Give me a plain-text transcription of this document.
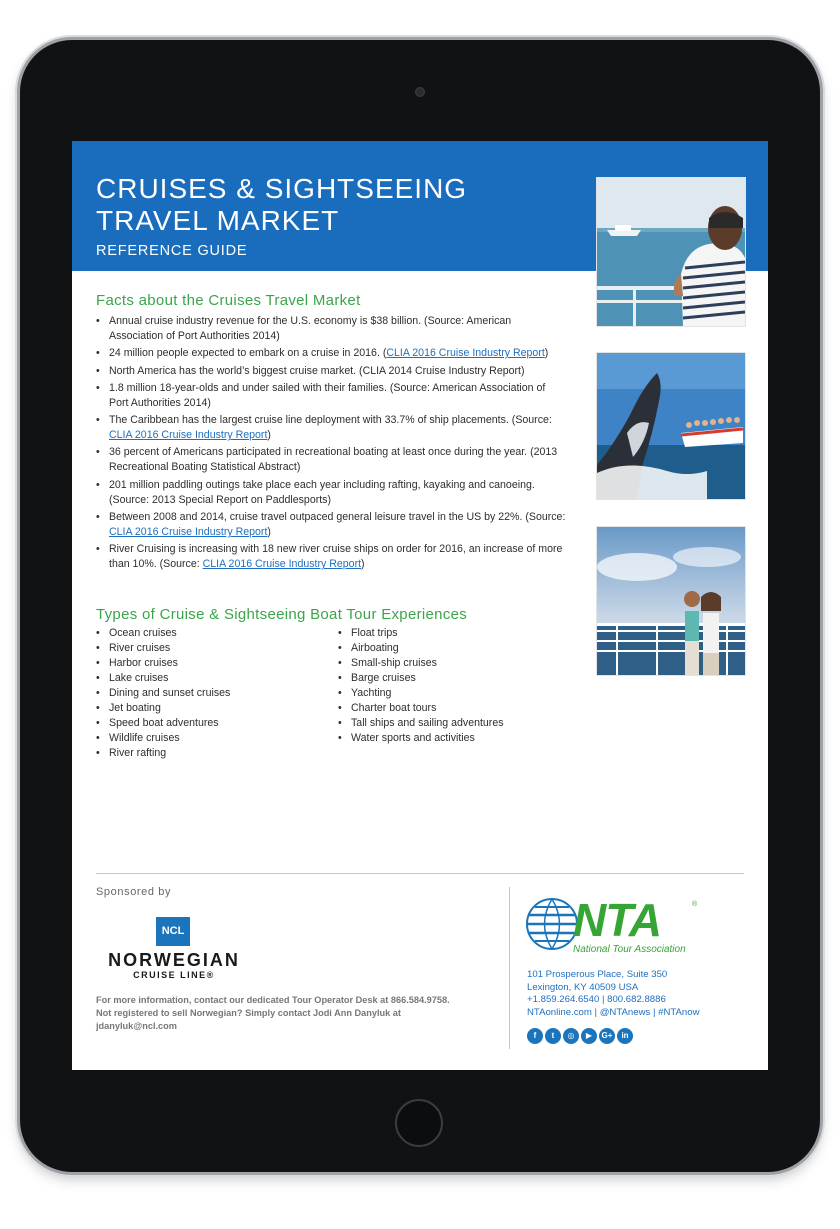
CRUISES & SIGHTSEEING TRAVEL MARKET
REFERENCE GUIDE
Facts about the Cruises Travel Market
• Annual cruise industry revenue for the U.S. economy is $38 billion. (Source: American Association of Port Authorities 2014)
• 24 million people expected to embark on a cruise in 2016. (CLIA 2016 Cruise Industry Report)
• North America has the world’s biggest cruise market. (CLIA 2014 Cruise Industry Report)
• 1.8 million 18-year-olds and under sailed with their families. (Source: American Association of Port Authorities 2014)
• The Caribbean has the largest cruise line deployment with 33.7% of ship placements. (Source: CLIA 2016 Cruise Industry Report)
• 36 percent of Americans participated in recreational boating at least once during the year. (2013 Recreational Boating Statistical Abstract)
• 201 million paddling outings take place each year including rafting, kayaking and canoeing. (Source: 2013 Special Report on Paddlesports)
• Between 2008 and 2014, cruise travel outpaced general leisure travel in the US by 22%. (Source: CLIA 2016 Cruise Industry Report)
• River Cruising is increasing with 18 new river cruise ships on order for 2016, an increase of more than 10%. (Source: CLIA 2016 Cruise Industry Report)
Types of Cruise & Sightseeing Boat Tour Experiences
• Ocean cruises
• River cruises
• Harbor cruises
• Lake cruises
• Dining and sunset cruises
• Jet boating
• Speed boat adventures
• Wildlife cruises
• River rafting
• Float trips
• Airboating
• Small-ship cruises
• Barge cruises
• Yachting
• Charter boat tours
• Tall ships and sailing adventures
• Water sports and activities
Sponsored by
NCL
NORWEGIAN
CRUISE LINE®

For more information, contact our dedicated Tour Operator Desk at 866.584.9758. Not registered to sell Norwegian? Simply contact Jodi Ann Danyluk at jdanyluk@ncl.com

NTA	®
National Tour Association
101 Prosperous Place, Suite 350
Lexington, KY 40509 USA
+1.859.264.6540 | 800.682.8886
NTAonline.com | @NTAnews | #NTAnow
f t ◎ ▶ G+ in
